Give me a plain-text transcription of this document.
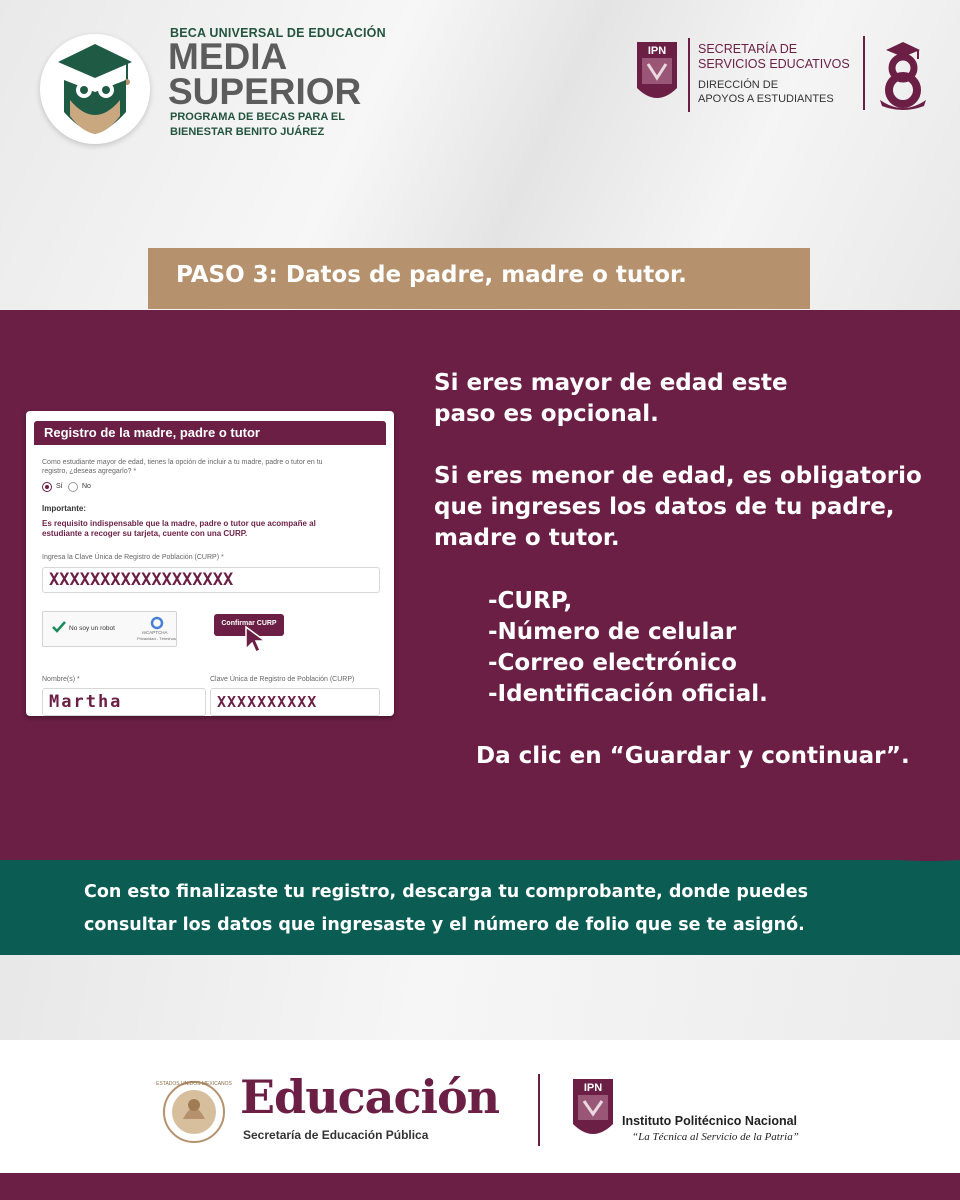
BECA UNIVERSAL DE EDUCACIÓN
MEDIA
SUPERIOR
PROGRAMA DE BECAS PARA EL
BIENESTAR BENITO JUÁREZ
IPN	SECRETARÍA DE
SERVICIOS EDUCATIVOS
DIRECCIÓN DE
APOYOS A ESTUDIANTES
PASO 3: Datos de padre, madre o tutor.
Registro de la madre, padre o tutor
Como estudiante mayor de edad, tienes la opción de incluir a tu madre, padre o tutor en tu
registro, ¿deseas agregarlo? *
Sí	No
Importante:
Es requisito indispensable que la madre, padre o tutor que acompañe al
estudiante a recoger su tarjeta, cuente con una CURP.
Ingresa la Clave Única de Registro de Población (CURP) *
XXXXXXXXXXXXXXXXXX
No soy un robot
reCAPTCHA
Privacidad - Términos
Confirmar CURP
Nombre(s) *	Clave Única de Registro de Población (CURP)
Martha	XXXXXXXXXX
Si eres mayor de edad este
paso es opcional.
Si eres menor de edad, es obligatorio
que ingreses los datos de tu padre,
madre o tutor.
-CURP,
-Número de celular
-Correo electrónico
-Identificación oficial.
Da clic en “Guardar y continuar”.
Con esto finalizaste tu registro, descarga tu comprobante, donde puedes
consultar los datos que ingresaste y el número de folio que se te asignó.
ESTADOS UNIDOS MEXICANOS Educación
Secretaría de Educación Pública
IPN
Instituto Politécnico Nacional
“La Técnica al Servicio de la Patria”
